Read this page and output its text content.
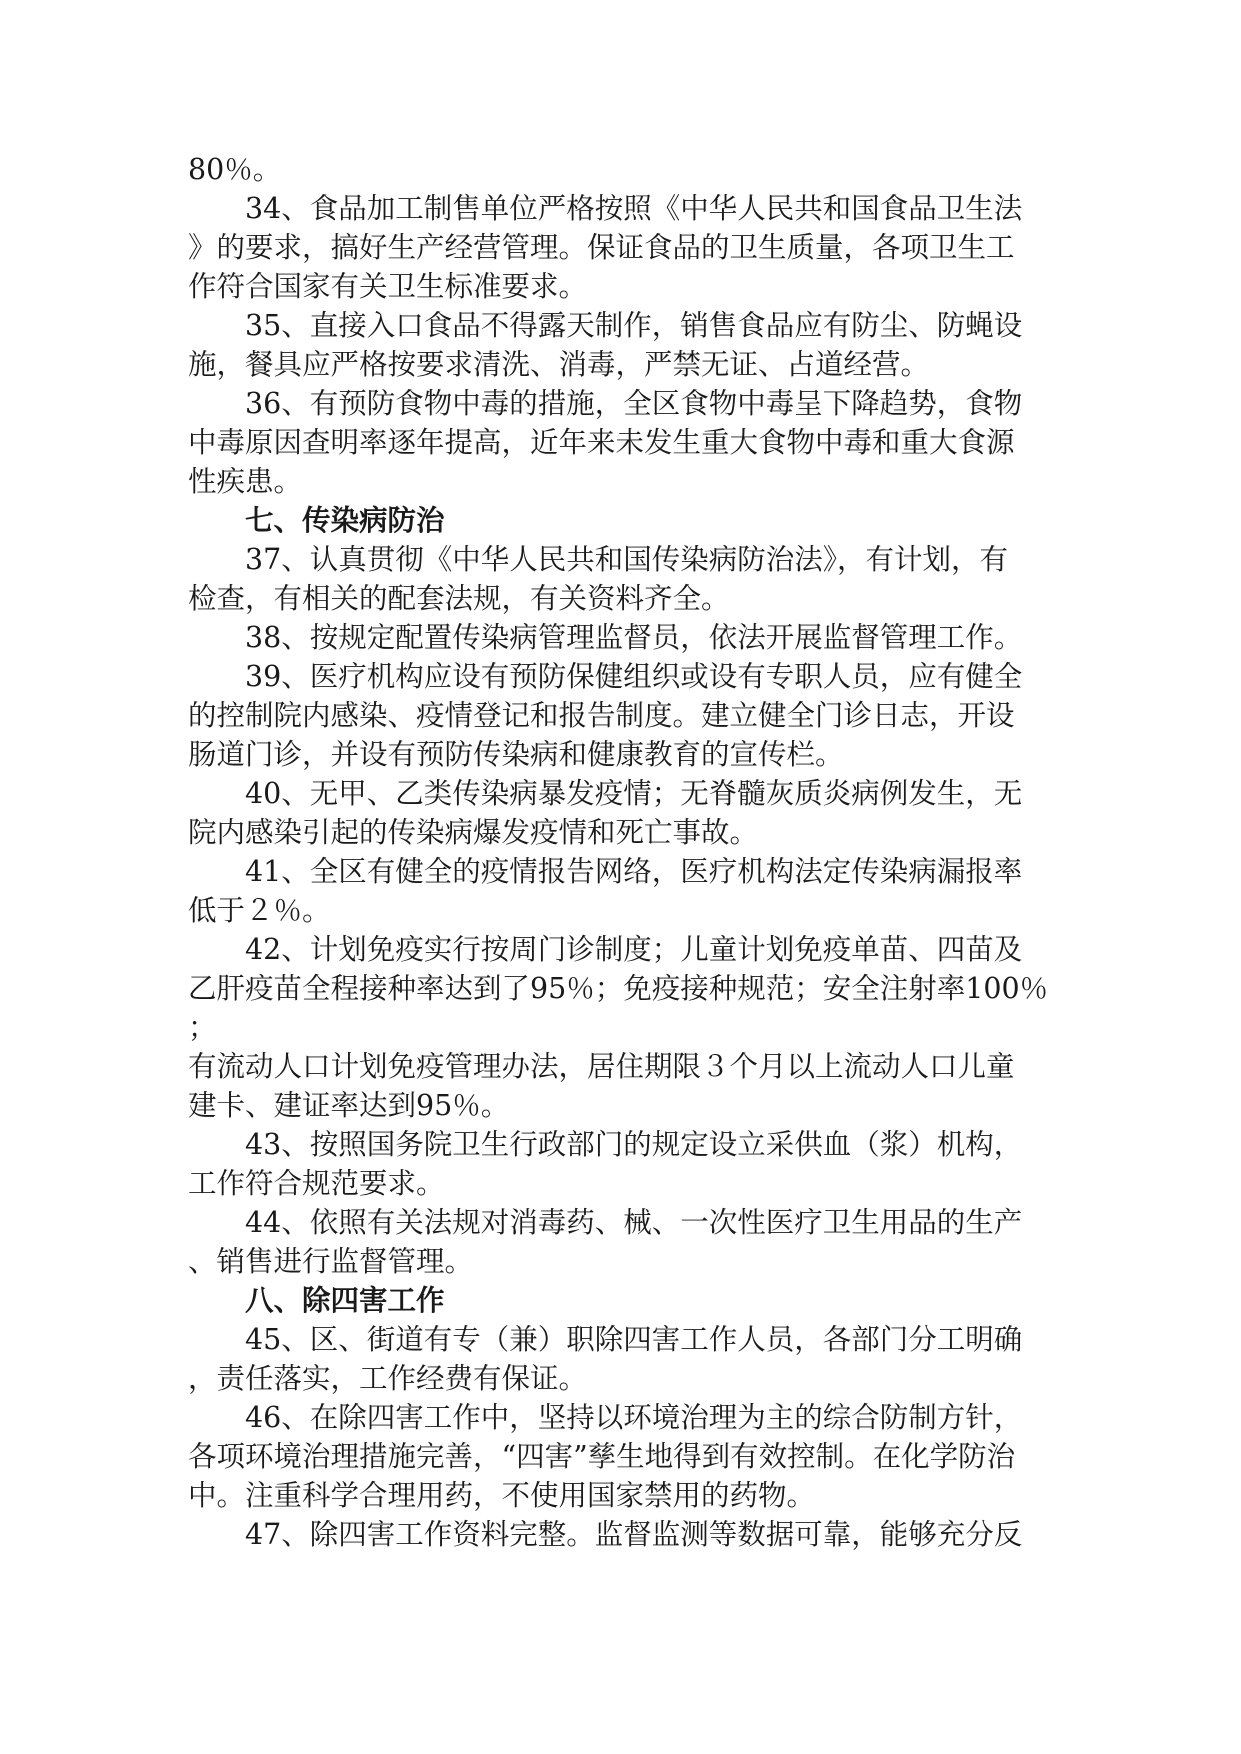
80％。
34、食品加工制售单位严格按照《中华人民共和国食品卫生法
》的要求，搞好生产经营管理。保证食品的卫生质量，各项卫生工
作符合国家有关卫生标准要求。
35、直接入口食品不得露天制作，销售食品应有防尘、防蝇设
施，餐具应严格按要求清洗、消毒，严禁无证、占道经营。
36、有预防食物中毒的措施，全区食物中毒呈下降趋势，食物
中毒原因查明率逐年提高，近年来未发生重大食物中毒和重大食源
性疾患。
七、传染病防治
37、认真贯彻《中华人民共和国传染病防治法》，有计划，有
检查，有相关的配套法规，有关资料齐全。
38、按规定配置传染病管理监督员，依法开展监督管理工作。
39、医疗机构应设有预防保健组织或设有专职人员，应有健全
的控制院内感染、疫情登记和报告制度。建立健全门诊日志，开设
肠道门诊，并设有预防传染病和健康教育的宣传栏。
40、无甲、乙类传染病暴发疫情；无脊髓灰质炎病例发生，无
院内感染引起的传染病爆发疫情和死亡事故。
41、全区有健全的疫情报告网络，医疗机构法定传染病漏报率
低于２％。
42、计划免疫实行按周门诊制度；儿童计划免疫单苗、四苗及
乙肝疫苗全程接种率达到了95％；免疫接种规范；安全注射率100％
；
有流动人口计划免疫管理办法，居住期限３个月以上流动人口儿童
建卡、建证率达到95％。
43、按照国务院卫生行政部门的规定设立采供血（浆）机构，
工作符合规范要求。
44、依照有关法规对消毒药、械、一次性医疗卫生用品的生产
、销售进行监督管理。
八、除四害工作
45、区、街道有专（兼）职除四害工作人员，各部门分工明确
，责任落实，工作经费有保证。
46、在除四害工作中，坚持以环境治理为主的综合防制方针，
各项环境治理措施完善，“四害”孳生地得到有效控制。在化学防治
中。注重科学合理用药，不使用国家禁用的药物。
47、除四害工作资料完整。监督监测等数据可靠，能够充分反
